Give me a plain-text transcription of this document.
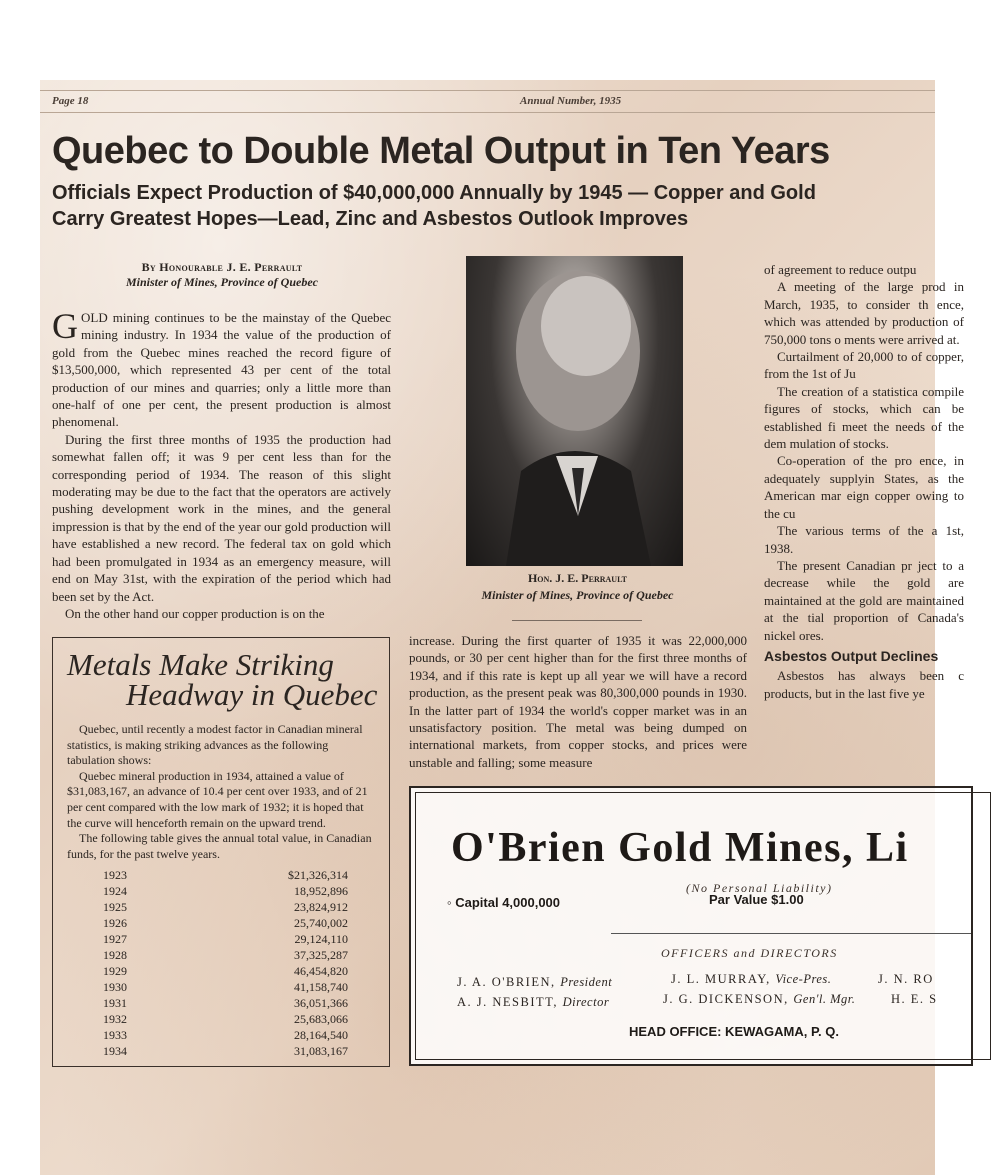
Page 18	Annual Number, 1935
Quebec to Double Metal Output in Ten Years
Officials Expect Production of $40,000,000 Annually by 1945 — Copper and Gold Carry Greatest Hopes—Lead, Zinc and Asbestos Outlook Improves
By Honourable J. E. Perrault
Minister of Mines, Province of Quebec

GOLD mining continues to be the mainstay of the Quebec mining industry. In 1934 the value of the production of gold from the Quebec mines reached the record figure of $13,500,000, which represented 43 per cent of the total production of our mines and quarries; only a little more than one-half of one per cent, the present production is almost phenomenal.

During the first three months of 1935 the production had somewhat fallen off; it was 9 per cent less than for the corresponding period of 1934. The reason of this slight moderating may be due to the fact that the operators are actively pushing development work in the mines, and the general impression is that by the end of the year our gold production will have established a new record. The federal tax on gold which had been promulgated in 1934 as an emergency measure, will end on May 31st, with the expiration of the period which had been set by the Act.

On the other hand our copper production is on the

Hon. J. E. Perrault
Minister of Mines, Province of Quebec

increase. During the first quarter of 1935 it was 22,000,000 pounds, or 30 per cent higher than for the first three months of 1934, and if this rate is kept up all year we will have a record production, as the present peak was 80,300,000 pounds in 1930. In the latter part of 1934 the world's copper market was in an unsatisfactory position. The metal was being dumped on international markets, from copper stocks, and prices were unstable and falling; some measure

of agreement to reduce outpu

A meeting of the large prod in March, 1935, to consider th ence, which was attended by production of 750,000 tons o ments were arrived at.

Curtailment of 20,000 to of copper, from the 1st of Ju

The creation of a statistica compile figures of stocks, which can be established fi meet the needs of the dem mulation of stocks.

Co-operation of the pro ence, in adequately supplyin States, as the American mar eign copper owing to the cu

The various terms of the a 1st, 1938.

The present Canadian pr ject to a decrease while the gold are maintained at the gold are maintained at the tial proportion of Canada's nickel ores.

Asbestos Output Declines

Asbestos has always been c products, but in the last five ye

Metals Make Striking
Headway in Quebec

Quebec, until recently a modest factor in Canadian mineral statistics, is making striking advances as the following tabulation shows:

Quebec mineral production in 1934, attained a value of $31,083,167, an advance of 10.4 per cent over 1933, and of 21 per cent compared with the low mark of 1932; it is hoped that the curve will henceforth remain on the upward trend.

The following table gives the annual total value, in Canadian funds, for the past twelve years.

1923	$21,326,314
1924	18,952,896
1925	23,824,912
1926	25,740,002
1927	29,124,110
1928	37,325,287
1929	46,454,820
1930	41,158,740
1931	36,051,366
1932	25,683,066
1933	28,164,540
1934	31,083,167
O'Brien Gold Mines, Li
(No Personal Liability)
◦ Capital 4,000,000	Par Value $1.00
OFFICERS and DIRECTORS
J. A. O'BRIEN, President
A. J. NESBITT, Director
J. L. MURRAY, Vice-Pres.
J. G. DICKENSON, Gen'l. Mgr.
J. N. RO
H. E. S
HEAD OFFICE: KEWAGAMA, P. Q.
